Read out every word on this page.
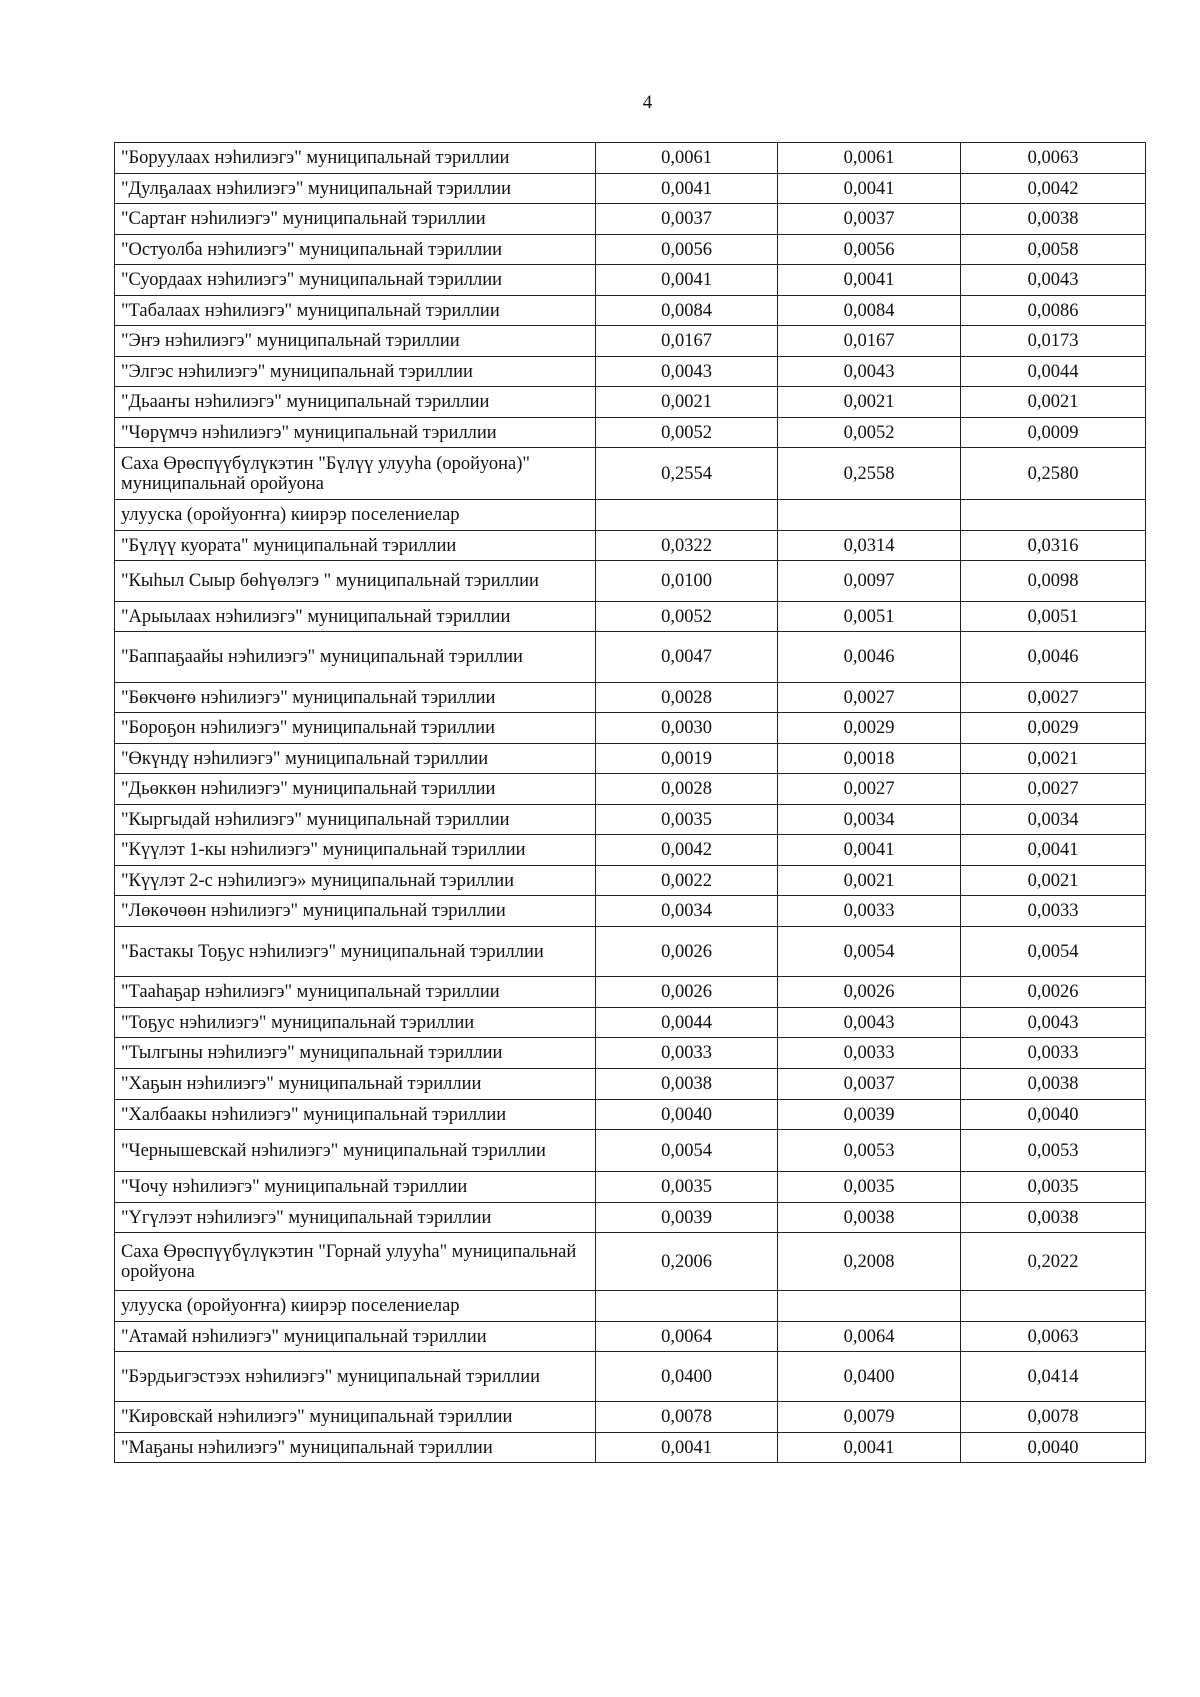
4
"Боруулаах нэһилиэгэ" муниципальнай тэриллии	0,0061	0,0061	0,0063
"Дулҕалаах нэһилиэгэ" муниципальнай тэриллии	0,0041	0,0041	0,0042
"Сартаҥ нэһилиэгэ" муниципальнай тэриллии	0,0037	0,0037	0,0038
"Остуолба нэһилиэгэ" муниципальнай тэриллии	0,0056	0,0056	0,0058
"Суордаах нэһилиэгэ" муниципальнай тэриллии	0,0041	0,0041	0,0043
"Табалаах нэһилиэгэ" муниципальнай тэриллии	0,0084	0,0084	0,0086
"Эҥэ нэһилиэгэ" муниципальнай тэриллии	0,0167	0,0167	0,0173
"Элгэс нэһилиэгэ" муниципальнай тэриллии	0,0043	0,0043	0,0044
"Дьааҥы нэһилиэгэ" муниципальнай тэриллии	0,0021	0,0021	0,0021
"Чөрүмчэ нэһилиэгэ" муниципальнай тэриллии	0,0052	0,0052	0,0009
Саха Өрөспүүбүлүкэтин "Бүлүү улууһа (оройуона)" муниципальнай оройуона	0,2554	0,2558	0,2580
улууска (оройуоҥҥа) киирэр поселениелар			
"Бүлүү куората" муниципальнай тэриллии	0,0322	0,0314	0,0316
"Кыһыл Сыыр бөһүөлэгэ " муниципальнай тэриллии	0,0100	0,0097	0,0098
"Арыылаах нэһилиэгэ" муниципальнай тэриллии	0,0052	0,0051	0,0051
"Баппаҕаайы нэһилиэгэ" муниципальнай тэриллии	0,0047	0,0046	0,0046
"Бөкчөҥө нэһилиэгэ" муниципальнай тэриллии	0,0028	0,0027	0,0027
"Бороҕон нэһилиэгэ" муниципальнай тэриллии	0,0030	0,0029	0,0029
"Өкүндү нэһилиэгэ" муниципальнай тэриллии	0,0019	0,0018	0,0021
"Дьөккөн нэһилиэгэ" муниципальнай тэриллии	0,0028	0,0027	0,0027
"Кыргыдай нэһилиэгэ" муниципальнай тэриллии	0,0035	0,0034	0,0034
"Күүлэт 1-кы нэһилиэгэ" муниципальнай тэриллии	0,0042	0,0041	0,0041
"Күүлэт 2-с нэһилиэгэ» муниципальнай тэриллии	0,0022	0,0021	0,0021
"Лөкөчөөн нэһилиэгэ" муниципальнай тэриллии	0,0034	0,0033	0,0033
"Бастакы Тоҕус нэһилиэгэ" муниципальнай тэриллии	0,0026	0,0054	0,0054
"Тааһаҕар нэһилиэгэ" муниципальнай тэриллии	0,0026	0,0026	0,0026
"Тоҕус нэһилиэгэ" муниципальнай тэриллии	0,0044	0,0043	0,0043
"Тылгыны нэһилиэгэ" муниципальнай тэриллии	0,0033	0,0033	0,0033
"Хаҕын нэһилиэгэ" муниципальнай тэриллии	0,0038	0,0037	0,0038
"Халбаакы нэһилиэгэ" муниципальнай тэриллии	0,0040	0,0039	0,0040
"Чернышевскай нэһилиэгэ" муниципальнай тэриллии	0,0054	0,0053	0,0053
"Чочу нэһилиэгэ" муниципальнай тэриллии	0,0035	0,0035	0,0035
"Үгүлээт нэһилиэгэ" муниципальнай тэриллии	0,0039	0,0038	0,0038
Саха Өрөспүүбүлүкэтин "Горнай улууһа" муниципальнай оройуона	0,2006	0,2008	0,2022
улууска (оройуоҥҥа) киирэр поселениелар			
"Атамай нэһилиэгэ" муниципальнай тэриллии	0,0064	0,0064	0,0063
"Бэрдьигэстээх нэһилиэгэ" муниципальнай тэриллии	0,0400	0,0400	0,0414
"Кировскай нэһилиэгэ" муниципальнай тэриллии	0,0078	0,0079	0,0078
"Маҕаны нэһилиэгэ" муниципальнай тэриллии	0,0041	0,0041	0,0040
